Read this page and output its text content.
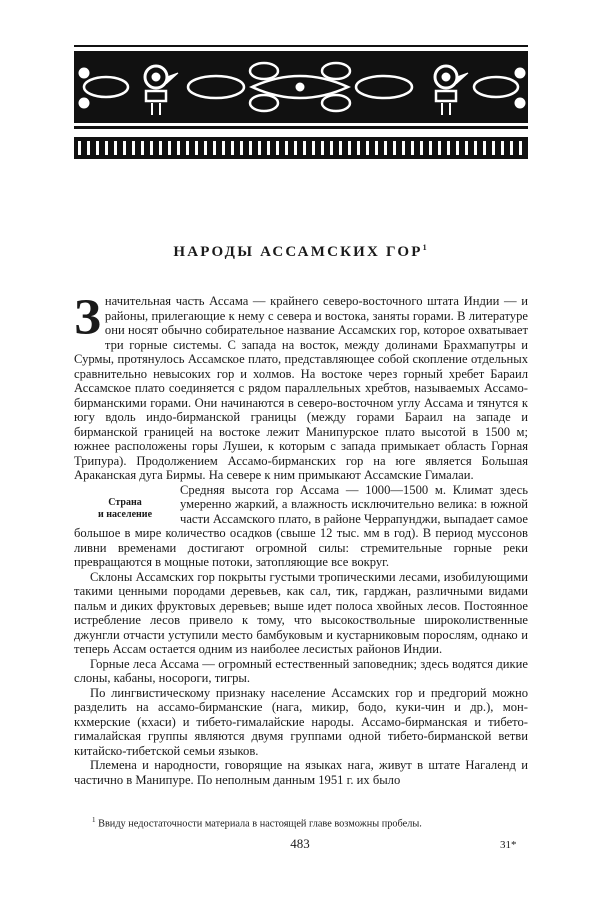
НАРОДЫ АССАМСКИХ ГОР$^1$

З начительная часть Ассама — крайнего северо-восточного штата Индии — и районы, прилегающие к нему с севера и востока, заняты горами. В литературе они носят обычно собирательное название Ассамских гор, которое охватывает три горные системы. С запада на восток, между долинами Брахмапутры и Сурмы, протянулось Ассамское плато, представляющее собой скопление отдельных сравнительно невысоких гор и холмов. На востоке через горный хребет Бараил Ассамское плато соединяется с рядом параллельных хребтов, называемых Ассамо-бирманскими горами. Они начинаются в северо-восточном углу Ассама и тянутся к югу вдоль индо-бирманской границы (между горами Бараил на западе и бирманской границей на востоке лежит Манипурское плато высотой в 1500 м; южнее расположены горы Лушеи, к которым с запада примыкает область Горная Трипура). Продолжением Ассамо-бирманских гор на юге является Большая Араканская дуга Бирмы. На севере к ним примыкают Ассамские Гималаи.

Страна
и население
Средняя высота гор Ассама — 1000—1500 м. Климат здесь умеренно жаркий, а влажность исключительно велика: в южной части Ассамского плато, в районе Черрапунджи, выпадает самое большое в мире количество осадков (свыше 12 тыс. мм в год). В период муссонов ливни временами достигают огромной силы: стремительные горные реки превращаются в мощные потоки, затопляющие все вокруг.

Склоны Ассамских гор покрыты густыми тропическими лесами, изобилующими такими ценными породами деревьев, как сал, тик, гарджан, различными видами пальм и диких фруктовых деревьев; выше идет полоса хвойных лесов. Постоянное истребление лесов привело к тому, что высокоствольные широколиственные джунгли отчасти уступили место бамбуковым и кустарниковым порослям, однако и теперь Ассам остается одним из наиболее лесистых районов Индии.

Горные леса Ассама — огромный естественный заповедник; здесь водятся дикие слоны, кабаны, носороги, тигры.

По лингвистическому признаку население Ассамских гор и предгорий можно разделить на ассамо-бирманские (нага, микир, бодо, куки-чин и др.), мон-кхмерские (кхаси) и тибето-гималайские народы. Ассамо-бирманская и тибето-гималайская группы являются двумя группами одной тибето-бирманской ветви китайско-тибетской семьи языков.

Племена и народности, говорящие на языках нага, живут в штате Нагаленд и частично в Манипуре. По неполным данным 1951 г. их было

$^1$ Ввиду недостаточности материала в настоящей главе возможны пробелы.
483	31*
